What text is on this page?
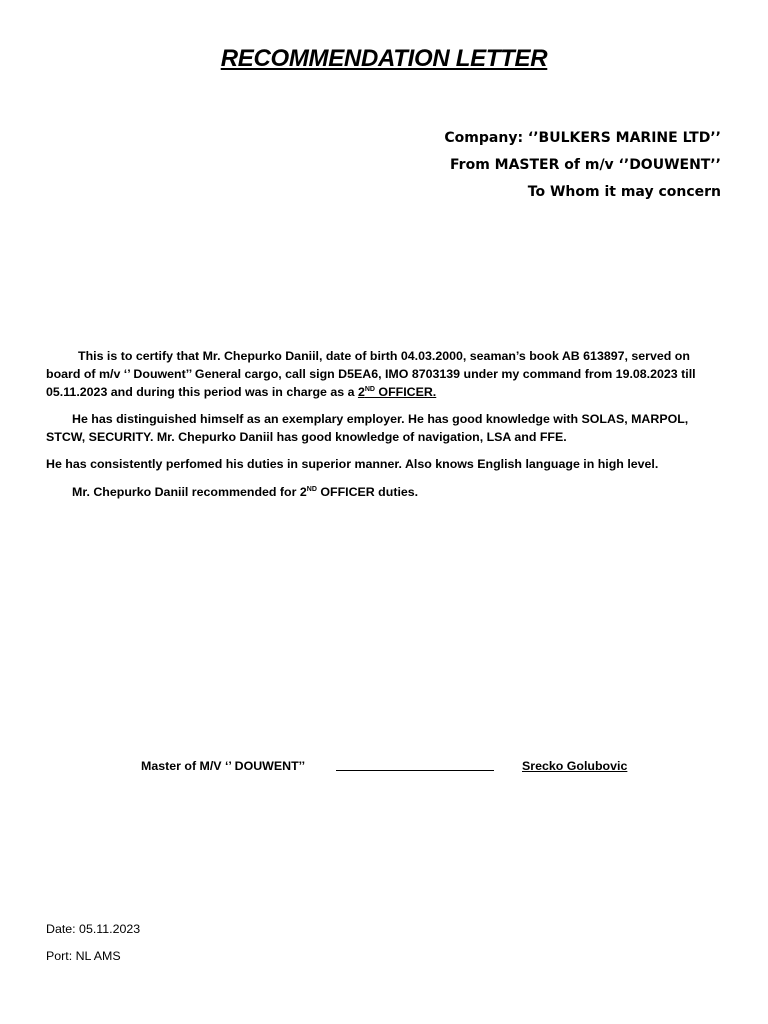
RECOMMENDATION LETTER
Company: ‘’BULKERS MARINE LTD’’
From MASTER of m/v ‘’DOUWENT’’
To Whom it may concern

This is to certify that Mr. Chepurko Daniil, date of birth 04.03.2000, seaman’s book AB 613897, served on board of m/v ‘’ Douwent’’ General cargo, call sign D5EA6, IMO 8703139 under my command from 19.08.2023 till 05.11.2023 and during this period was in charge as a 2ND OFFICER.

He has distinguished himself as an exemplary employer. He has good knowledge with SOLAS, MARPOL, STCW, SECURITY. Mr. Chepurko Daniil has good knowledge of navigation, LSA and FFE.

He has consistently perfomed his duties in superior manner. Also knows English language in high level.

Mr. Chepurko Daniil recommended for 2ND OFFICER duties.

Master of M/V ‘’ DOUWENT’’	Srecko Golubovic
Date: 05.11.2023
Port: NL AMS
